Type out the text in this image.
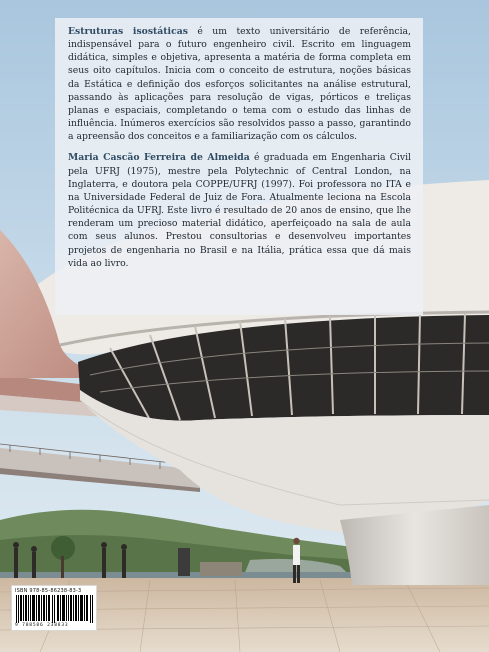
Estruturas isostáticas é um texto universitário de referência, indispensável para o futuro engenheiro civil. Escrito em linguagem didática, simples e objetiva, apresenta a matéria de forma completa em seus oito capítulos. Inicia com o conceito de estrutura, noções básicas da Estática e definição dos esforços solicitantes na análise estrutural, passando às aplicações para resolução de vigas, pórticos e treliças planas e espaciais, completando o tema com o estudo das linhas de influência. Inúmeros exercícios são resolvidos passo a passo, garantindo a apreensão dos conceitos e a familiarização com os cálculos.

Maria Cascão Ferreira de Almeida é graduada em Engenharia Civil pela UFRJ (1975), mestre pela Polytechnic of Central London, na Inglaterra, e doutora pela COPPE/UFRJ (1997). Foi professora no ITA e na Universidade Federal de Juiz de Fora. Atualmente leciona na Escola Politécnica da UFRJ. Este livro é resultado de 20 anos de ensino, que lhe renderam um precioso material didático, aperfeiçoado na sala de aula com seus alunos. Prestou consultorias e desenvolveu importantes projetos de engenharia no Brasil e na Itália, prática essa que dá mais vida ao livro.

ISBN 978-85-86238-83-3
9 788586 238833
